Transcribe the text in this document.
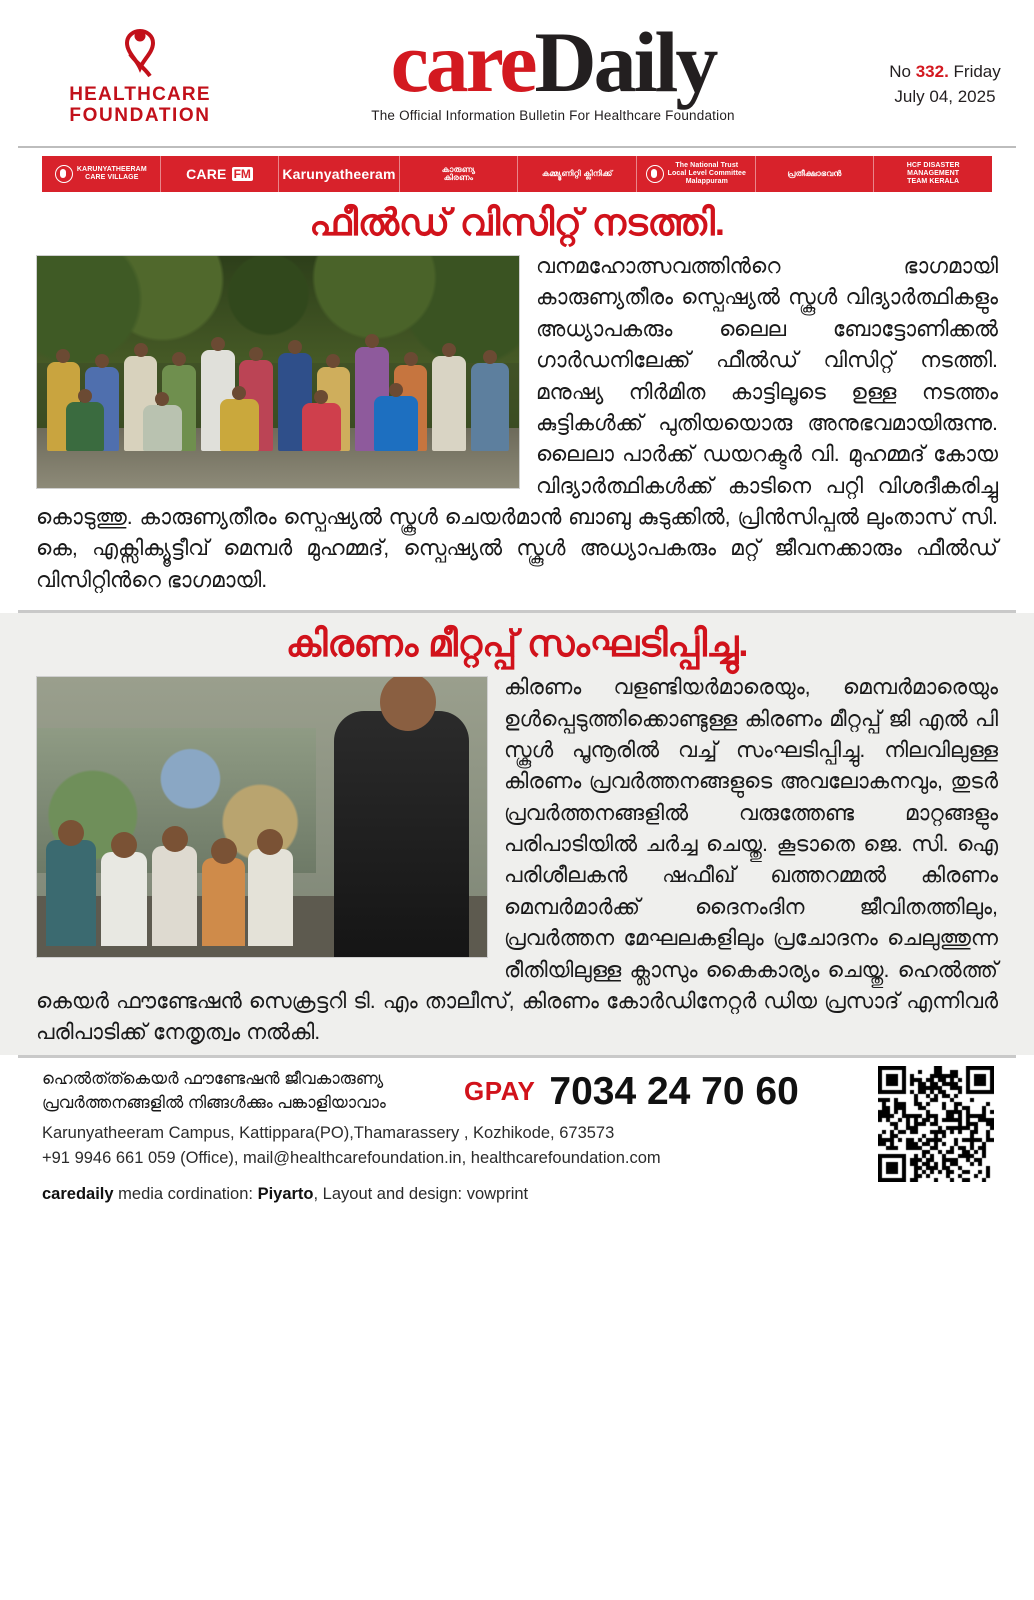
HEALTHCARE
FOUNDATION
careDaily
The Official Information Bulletin For Healthcare Foundation
No 332. Friday
July 04, 2025
KARUNYATHEERAM
CARE VILLAGE	CARE FM Karunyatheeram	കാരുണ്യ
കിരണം	കമ്മ്യൂണിറ്റി ക്ലിനിക്ക്
The National Trust
Local Level Committee
Malappuram
പ്രതീക്ഷാഭവൻ
HCF DISASTER
MANAGEMENT
TEAM KERALA
ഫീൽഡ് വിസിറ്റ് നടത്തി.
വനമഹോത്സവത്തിൻറെ ഭാഗമായി കാരുണ്യതീരം സ്പെഷ്യൽ സ്കൂൾ വിദ്യാർത്ഥികളും അധ്യാപകരും ലൈല ബോട്ടോണിക്കൽ ഗാർഡനിലേക്ക് ഫീൽഡ് വിസിറ്റ് നടത്തി. മനുഷ്യ നിർമിത കാട്ടിലൂടെ ഉള്ള നടത്തം കുട്ടികൾക്ക് പുതിയയൊരു അനുഭവമായിരുന്നു. ലൈലാ പാർക്ക് ഡയറക്ടർ വി. മുഹമ്മദ് കോയ വിദ്യാർത്ഥികൾക്ക് കാടിനെ പറ്റി വിശദീകരിച്ചു കൊടുത്തു. കാരുണ്യതീരം സ്പെഷ്യൽ സ്കൂൾ ചെയർമാൻ ബാബു കുടുക്കിൽ, പ്രിൻസിപ്പൽ ലുംതാസ് സി. കെ, എക്സിക്യൂട്ടീവ് മെമ്പർ മുഹമ്മദ്, സ്പെഷ്യൽ സ്കൂൾ അധ്യാപകരും മറ്റ് ജീവനക്കാരും ഫീൽഡ് വിസിറ്റിൻറെ ഭാഗമായി.
കിരണം മീറ്റപ്പ് സംഘടിപ്പിച്ചു.
കിരണം വളണ്ടിയർമാരെയും, മെമ്പർമാരെയും ഉൾപ്പെടുത്തിക്കൊണ്ടുള്ള കിരണം മീറ്റപ്പ് ജി എൽ പി സ്കൂൾ പൂനൂരിൽ വച്ച് സംഘടിപ്പിച്ചു. നിലവിലുള്ള കിരണം പ്രവർത്തനങ്ങളുടെ അവലോകനവും, തുടർ പ്രവർത്തനങ്ങളിൽ വരുത്തേണ്ട മാറ്റങ്ങളും പരിപാടിയിൽ ചർച്ച ചെയ്തു. കൂടാതെ ജെ. സി. ഐ പരിശീലകൻ ഷഫീഖ് ഖത്തറമ്മൽ കിരണം മെമ്പർമാർക്ക് ദൈനംദിന ജീവിതത്തിലും, പ്രവർത്തന മേഘലകളിലും പ്രചോദനം ചെലുത്തുന്ന രീതിയിലുള്ള ക്ലാസും കൈകാര്യം ചെയ്തു. ഹെൽത്ത് കെയർ ഫൗണ്ടേഷൻ സെക്രട്ടറി ടി. എം താലീസ്, കിരണം കോർഡിനേറ്റർ ഡിയ പ്രസാദ് എന്നിവർ പരിപാടിക്ക് നേതൃത്വം നൽകി.
ഹെൽത്ത്കെയർ ഫൗണ്ടേഷൻ ജീവകാരുണ്യ
പ്രവർത്തനങ്ങളിൽ നിങ്ങൾക്കും പങ്കാളിയാവാം	GPAY 7034 24 70 60
Karunyatheeram Campus, Kattippara(PO),Thamarassery , Kozhikode, 673573
+91 9946 661 059 (Office), mail@healthcarefoundation.in, healthcarefoundation.com
caredaily media cordination: Piyarto, Layout and design: vowprint
